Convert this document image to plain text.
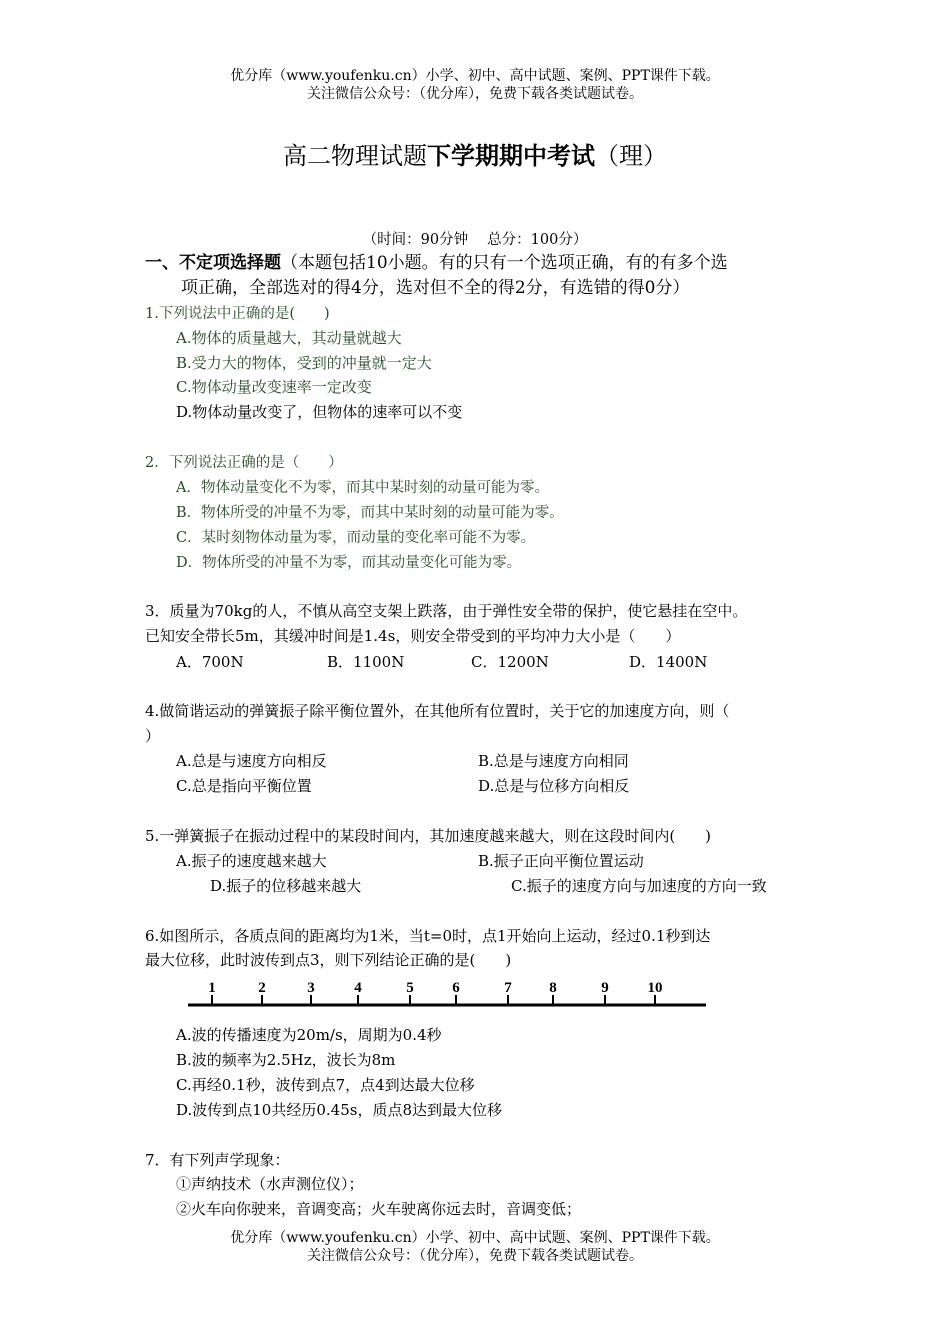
优分库（www.youfenku.cn）小学、初中、高中试题、案例、PPT课件下载。
关注微信公众号：（优分库），免费下载各类试题试卷。
高二物理试题下学期期中考试（理）
（时间：90分钟　 总分：100分）
一、不定项选择题（本题包括10小题。有的只有一个选项正确，有的有多个选
项正确，全部选对的得4分，选对但不全的得2分，有选错的得0分）
1.下列说法中正确的是(　　)
A.物体的质量越大，其动量就越大
B.受力大的物体，受到的冲量就一定大
C.物体动量改变速率一定改变
D.物体动量改变了，但物体的速率可以不变
2．下列说法正确的是（　　）
A．物体动量变化不为零，而其中某时刻的动量可能为零。
B．物体所受的冲量不为零，而其中某时刻的动量可能为零。
C．某时刻物体动量为零，而动量的变化率可能不为零。
D．物体所受的冲量不为零，而其动量变化可能为零。
3．质量为70kg的人，不慎从高空支架上跌落，由于弹性安全带的保护，使它悬挂在空中。
已知安全带长5m，其缓冲时间是1.4s，则安全带受到的平均冲力大小是（　　）
A．700N	B．1100N	C．1200N	D．1400N
4.做简谐运动的弹簧振子除平衡位置外，在其他所有位置时，关于它的加速度方向，则（
）
A.总是与速度方向相反	B.总是与速度方向相同
C.总是指向平衡位置	D.总是与位移方向相反
5.一弹簧振子在振动过程中的某段时间内，其加速度越来越大，则在这段时间内(　　)
A.振子的速度越来越大	B.振子正向平衡位置运动
D.振子的位移越来越大	C.振子的速度方向与加速度的方向一致
6.如图所示，各质点间的距离均为1米，当t=0时，点1开始向上运动，经过0.1秒到达
最大位移，此时波传到点3，则下列结论正确的是(　　)
1	2	3	4	5	6	7	8	9	10
A.波的传播速度为20m/s，周期为0.4秒
B.波的频率为2.5Hz，波长为8m
C.再经0.1秒，波传到点7，点4到达最大位移
D.波传到点10共经历0.45s，质点8达到最大位移
7．有下列声学现象：
①声纳技术（水声测位仪）；
②火车向你驶来，音调变高；火车驶离你远去时，音调变低；
优分库（www.youfenku.cn）小学、初中、高中试题、案例、PPT课件下载。
关注微信公众号：（优分库），免费下载各类试题试卷。
